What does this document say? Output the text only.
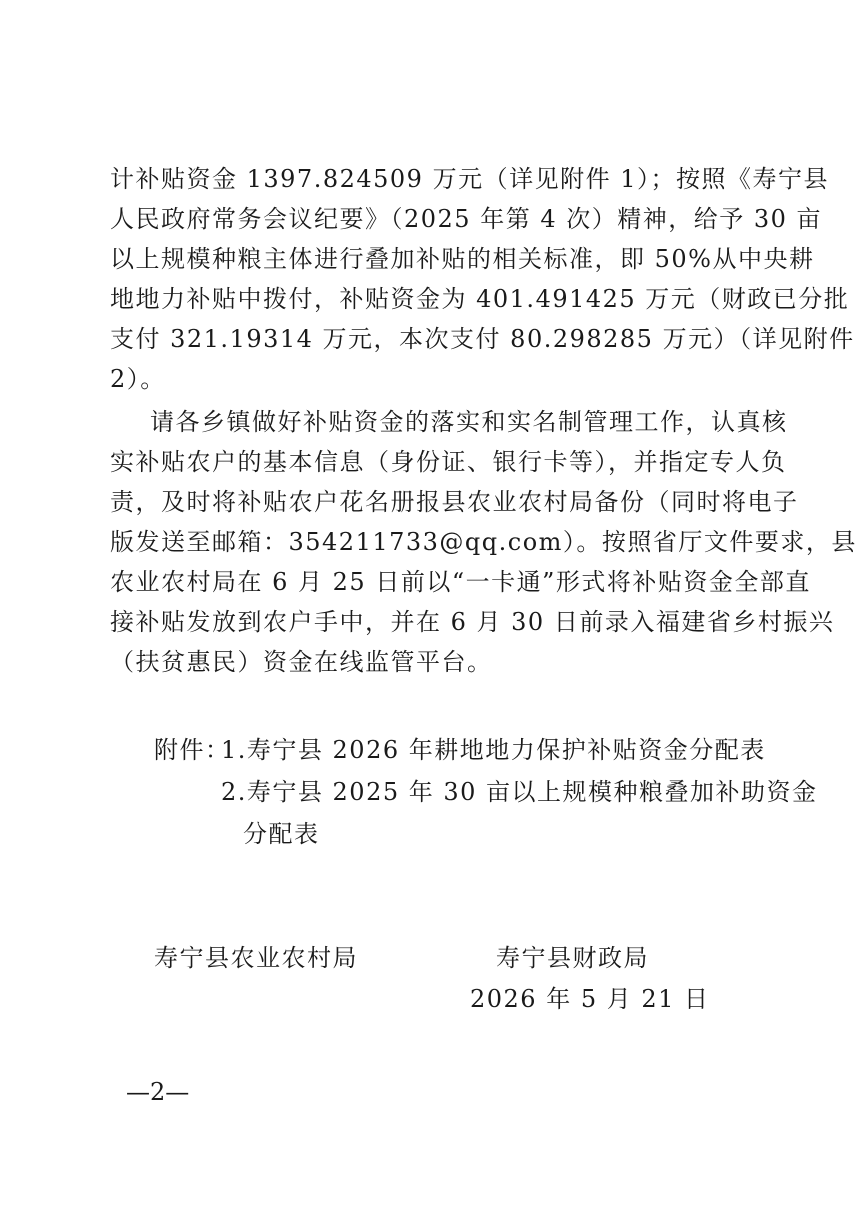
计补贴资金 1397.824509 万元（详见附件 1）；按照《寿宁县
人民政府常务会议纪要》（2025 年第 4 次）精神，给予 30 亩
以上规模种粮主体进行叠加补贴的相关标准，即 50%从中央耕
地地力补贴中拨付，补贴资金为 401.491425 万元（财政已分批
支付 321.19314 万元，本次支付 80.298285 万元）（详见附件
2）。
请各乡镇做好补贴资金的落实和实名制管理工作，认真核
实补贴农户的基本信息（身份证、银行卡等），并指定专人负
责，及时将补贴农户花名册报县农业农村局备份（同时将电子
版发送至邮箱：354211733@qq.com）。按照省厅文件要求，县
农业农村局在 6 月 25 日前以“一卡通”形式将补贴资金全部直
接补贴发放到农户手中，并在 6 月 30 日前录入福建省乡村振兴
（扶贫惠民）资金在线监管平台。
附件：
1.寿宁县 2026 年耕地地力保护补贴资金分配表
2.寿宁县 2025 年 30 亩以上规模种粮叠加补助资金
分配表
寿宁县农业农村局	寿宁县财政局
2026 年 5 月 21 日
—2—
